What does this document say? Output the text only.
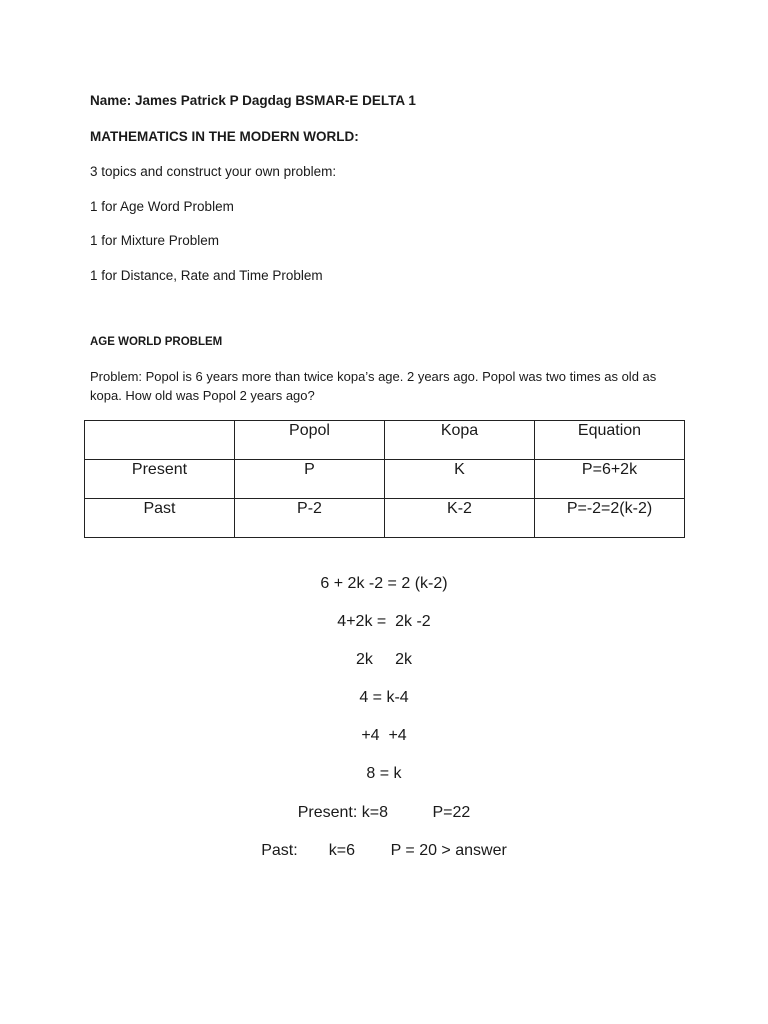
Name: James Patrick P Dagdag BSMAR-E DELTA 1
MATHEMATICS IN THE MODERN WORLD:
3 topics and construct your own problem:
1 for Age Word Problem
1 for Mixture Problem
1 for Distance, Rate and Time Problem
AGE WORLD PROBLEM
Problem: Popol is 6 years more than twice kopa’s age. 2 years ago. Popol was two times as old as kopa. How old was Popol 2 years ago?
	Popol	Kopa	Equation
Present	P	K	P=6+2k
Past	P-2	K-2	P=-2=2(k-2)
6 + 2k -2 = 2 (k-2)
4+2k =  2k -2
2k     2k
4 = k-4
+4  +4
8 = k
Present: k=8          P=22
Past:       k=6        P = 20 > answer
